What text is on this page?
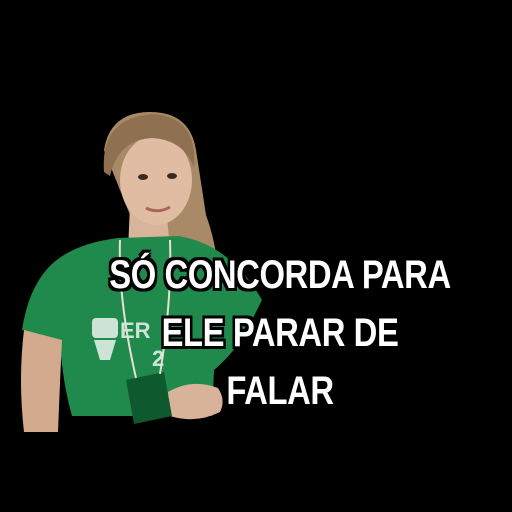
ER
2
SÓ CONCORDA PARA
ELE PARAR DE
FALAR
